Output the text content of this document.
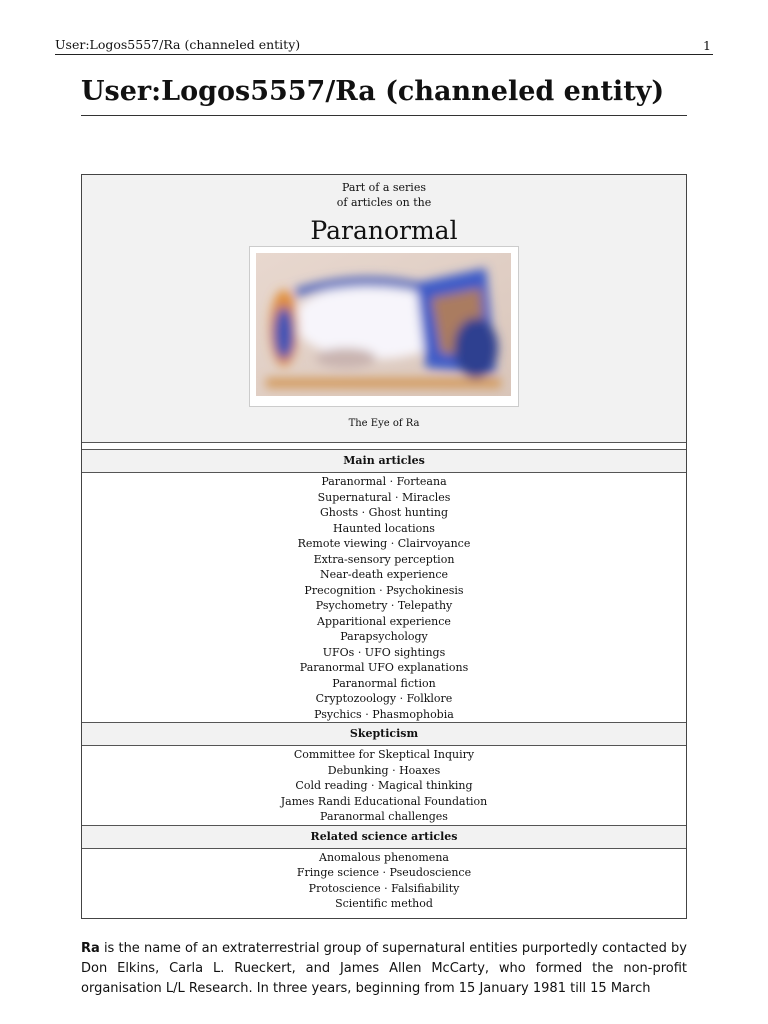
User:Logos5557/Ra (channeled entity)	1
User:Logos5557/Ra (channeled entity)
Part of a series
of articles on the
Paranormal
The Eye of Ra
Main articles
Paranormal · Forteana
Supernatural · Miracles
Ghosts · Ghost hunting
Haunted locations
Remote viewing · Clairvoyance
Extra-sensory perception
Near-death experience
Precognition · Psychokinesis
Psychometry · Telepathy
Apparitional experience
Parapsychology
UFOs · UFO sightings
Paranormal UFO explanations
Paranormal fiction
Cryptozoology · Folklore
Psychics · Phasmophobia
Skepticism
Committee for Skeptical Inquiry
Debunking · Hoaxes
Cold reading · Magical thinking
James Randi Educational Foundation
Paranormal challenges
Related science articles
Anomalous phenomena
Fringe science · Pseudoscience
Protoscience · Falsifiability
Scientific method

Ra is the name of an extraterrestrial group of supernatural entities purportedly contacted by Don Elkins, Carla L. Rueckert, and James Allen McCarty, who formed the non-profit organisation L/L Research. In three years, beginning from 15 January 1981 till 15 March
